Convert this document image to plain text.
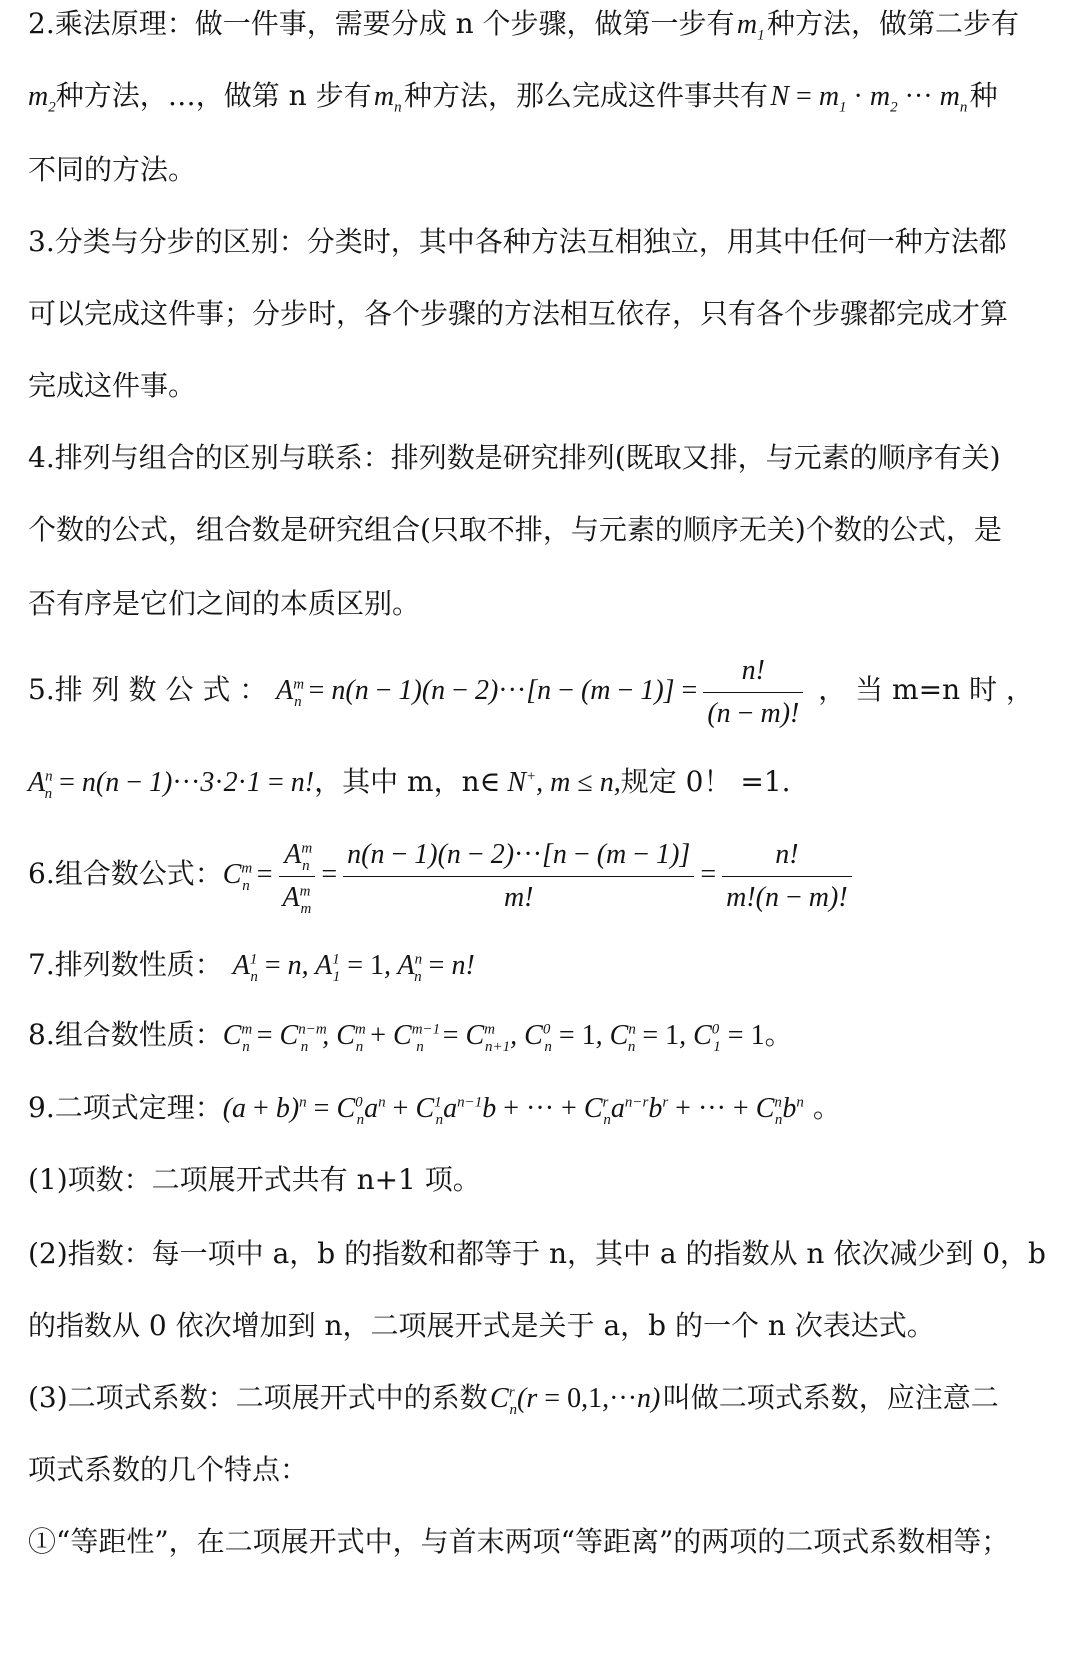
2.乘法原理：做一件事，需要分成 n 个步骤，做第一步有 $m_1$ 种方法，做第二步有
$m_2$种方法，…，做第 n 步有 $m_n$ 种方法，那么完成这件事共有 $N = m_1 \cdot m_2$ ··· $m_n$ 种
不同的方法。
3.分类与分步的区别：分类时，其中各种方法互相独立，用其中任何一种方法都
可以完成这件事；分步时，各个步骤的方法相互依存，只有各个步骤都完成才算
完成这件事。
4.排列与组合的区别与联系：排列数是研究排列(既取又排，与元素的顺序有关)
个数的公式，组合数是研究组合(只取不排，与元素的顺序无关)个数的公式，是
否有序是它们之间的本质区别。
5.排 列 数 公 式 ： $A^m_n = n(n - 1)(n - 2)\cdot\cdot\cdot[n - (m - 1)] = \frac{n!}{(n - m)!}$ ， 当 m=n 时 ，
$A^n_n = n(n - 1)\cdot\cdot\cdot 3\cdot 2\cdot 1 = n$!，其中 m，n∈ N+, m ≤ n,规定 0！ =1.
6.组合数公式：$C^m_n = \frac{A^m_n}{A^m_m} = \frac{n(n - 1)(n - 2)\cdot\cdot\cdot[n - (m - 1)]}{m!} = \frac{n!}{m!(n - m)!}$
7.排列数性质： $A^1_n = n$, $A^1_1 = 1$, $A^n_n = n$!
8.组合数性质：$C^m_n = C^{n-m}_n$ , $C^m_n + C^{m-1}_n = C^m_{n+1}$, $C^0_n = 1$, $C^n_n = 1$, $C^0_1 = 1$。
9.二项式定理：$(a + b)^n = C^0_na^n + C^1_na^{n-1}b$ + ··· + $C^r_na^{n-r}b^r$ + ··· + $C^n_nb^n$ 。
(1)项数：二项展开式共有 n+1 项。
(2)指数：每一项中 a，b 的指数和都等于 n，其中 a 的指数从 n 依次减少到 0，b
的指数从 0 依次增加到 n，二项展开式是关于 a，b 的一个 n 次表达式。
(3)二项式系数：二项展开式中的系数 $C^r_n(r = 0,1,\cdot\cdot\cdot n)$ 叫做二项式系数，应注意二
项式系数的几个特点：
①“等距性”，在二项展开式中，与首末两项“等距离”的两项的二项式系数相等；
